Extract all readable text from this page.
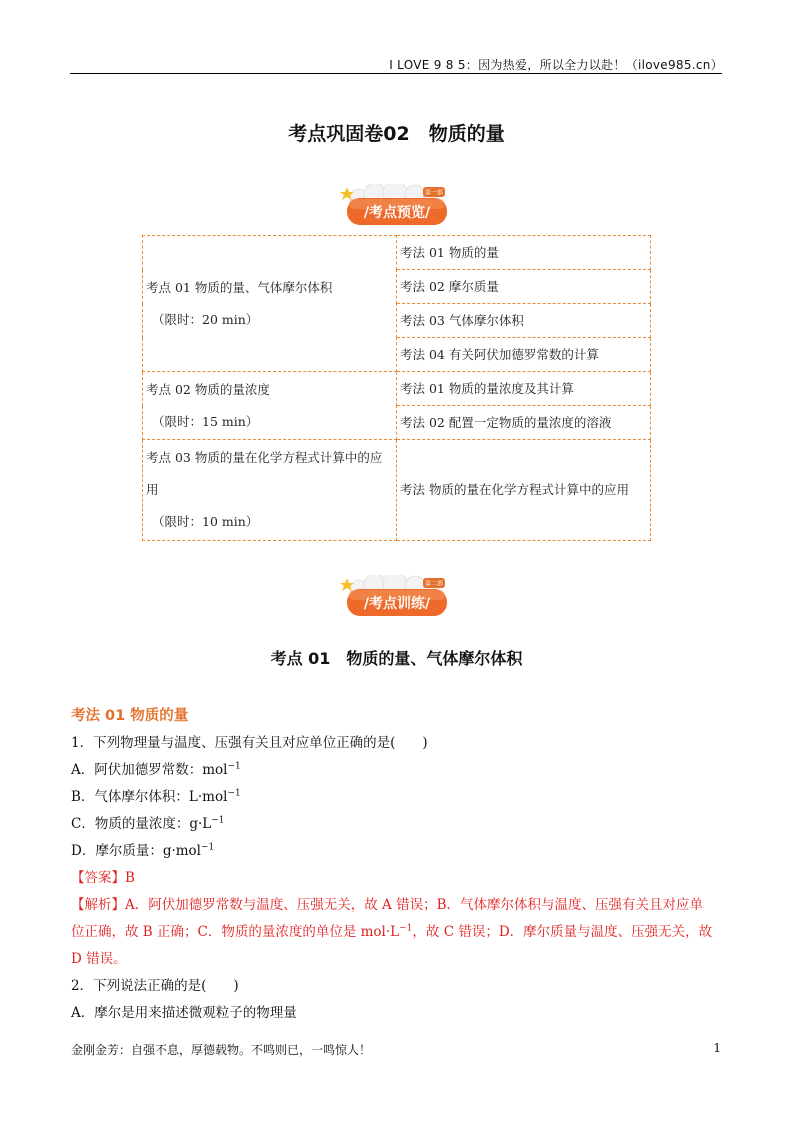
I LOVE 9 8 5：因为热爱，所以全力以赴！（ilove985.cn）
考点巩固卷02　物质的量
第一部
/考点预览/
考点 01 物质的量、气体摩尔体积
（限时：20 min）	考法 01 物质的量
	考法 02 摩尔质量
	考法 03 气体摩尔体积
	考法 04 有关阿伏加德罗常数的计算

考点 02 物质的量浓度
（限时：15 min）	考法 01 物质的量浓度及其计算
	考法 02 配置一定物质的量浓度的溶液

考点 03 物质的量在化学方程式计算中的应
用
（限时：10 min）	考法 物质的量在化学方程式计算中的应用
第二部
/考点训练/
考点 01　物质的量、气体摩尔体积
考法 01 物质的量
1．下列物理量与温度、压强有关且对应单位正确的是(　　)
A．阿伏加德罗常数：mol$^{-1}$
B．气体摩尔体积：L·mol$^{-1}$
C．物质的量浓度：$g\cdot L^{-1}$
D．摩尔质量：g·mol$^{-1}$
【答案】B
【解析】A．阿伏加德罗常数与温度、压强无关，故 A 错误；B．气体摩尔体积与温度、压强有关且对应单
位正确，故 B 正确；C．物质的量浓度的单位是 $mol\cdot L^{-1}$，故 C 错误；D．摩尔质量与温度、压强无关，故
D 错误。
2．下列说法正确的是(　　)
A．摩尔是用来描述微观粒子的物理量
金刚金芳：自强不息，厚德载物。不鸣则已，一鸣惊人！	1
